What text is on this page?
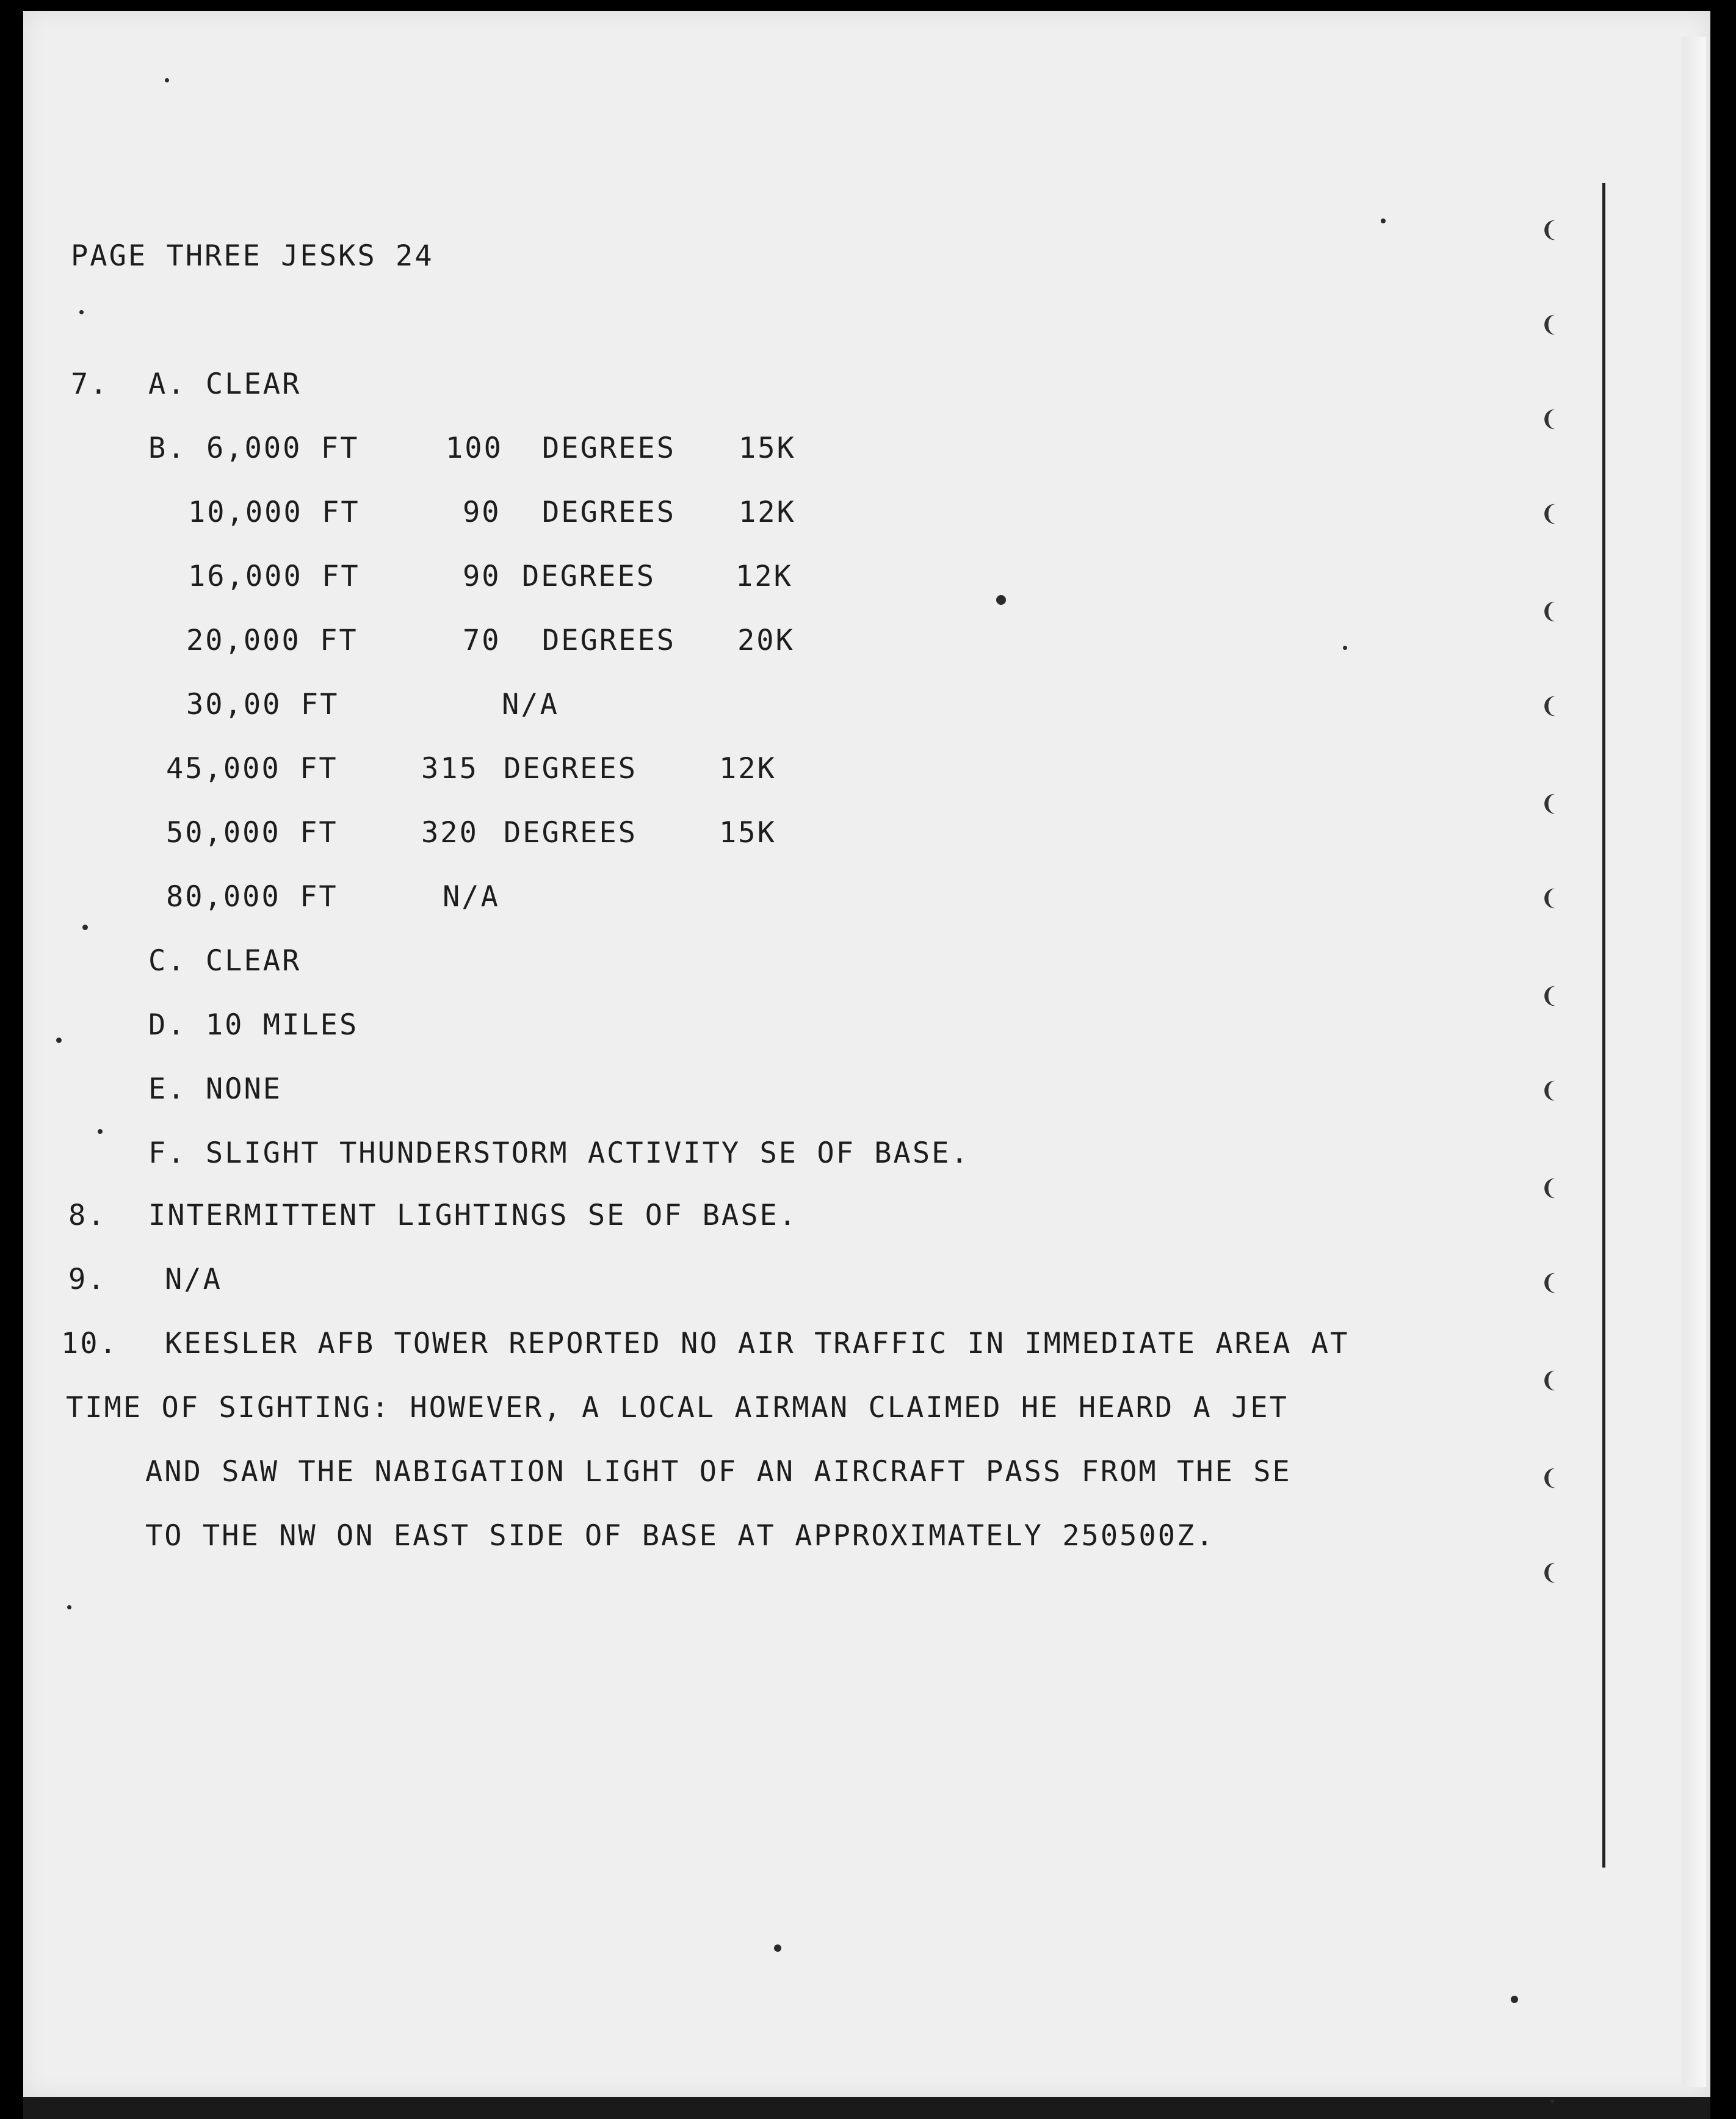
❨
❨
❨
❨
❨
❨
❨
❨
❨
❨
❨
❨
❨
❨
❨
PAGE THREE JESKS 24
7. A. CLEAR
B. 6,000 FT	100 DEGREES 15K
10,000 FT	90 DEGREES 12K
16,000 FT	90 DEGREES	12K
20,000 FT	70 DEGREES 20K
30,00 FT	N/A
45,000 FT	315 DEGREES	12K
50,000 FT	320 DEGREES	15K
80,000 FT	N/A
C. CLEAR
D. 10 MILES
E. NONE
F. SLIGHT THUNDERSTORM ACTIVITY SE OF BASE.
8. INTERMITTENT LIGHTINGS SE OF BASE.
9. N/A
10. KEESLER AFB TOWER REPORTED NO AIR TRAFFIC IN IMMEDIATE AREA AT
TIME OF SIGHTING: HOWEVER, A LOCAL AIRMAN CLAIMED HE HEARD A JET
AND SAW THE NABIGATION LIGHT OF AN AIRCRAFT PASS FROM THE SE
TO THE NW ON EAST SIDE OF BASE AT APPROXIMATELY 250500Z.
